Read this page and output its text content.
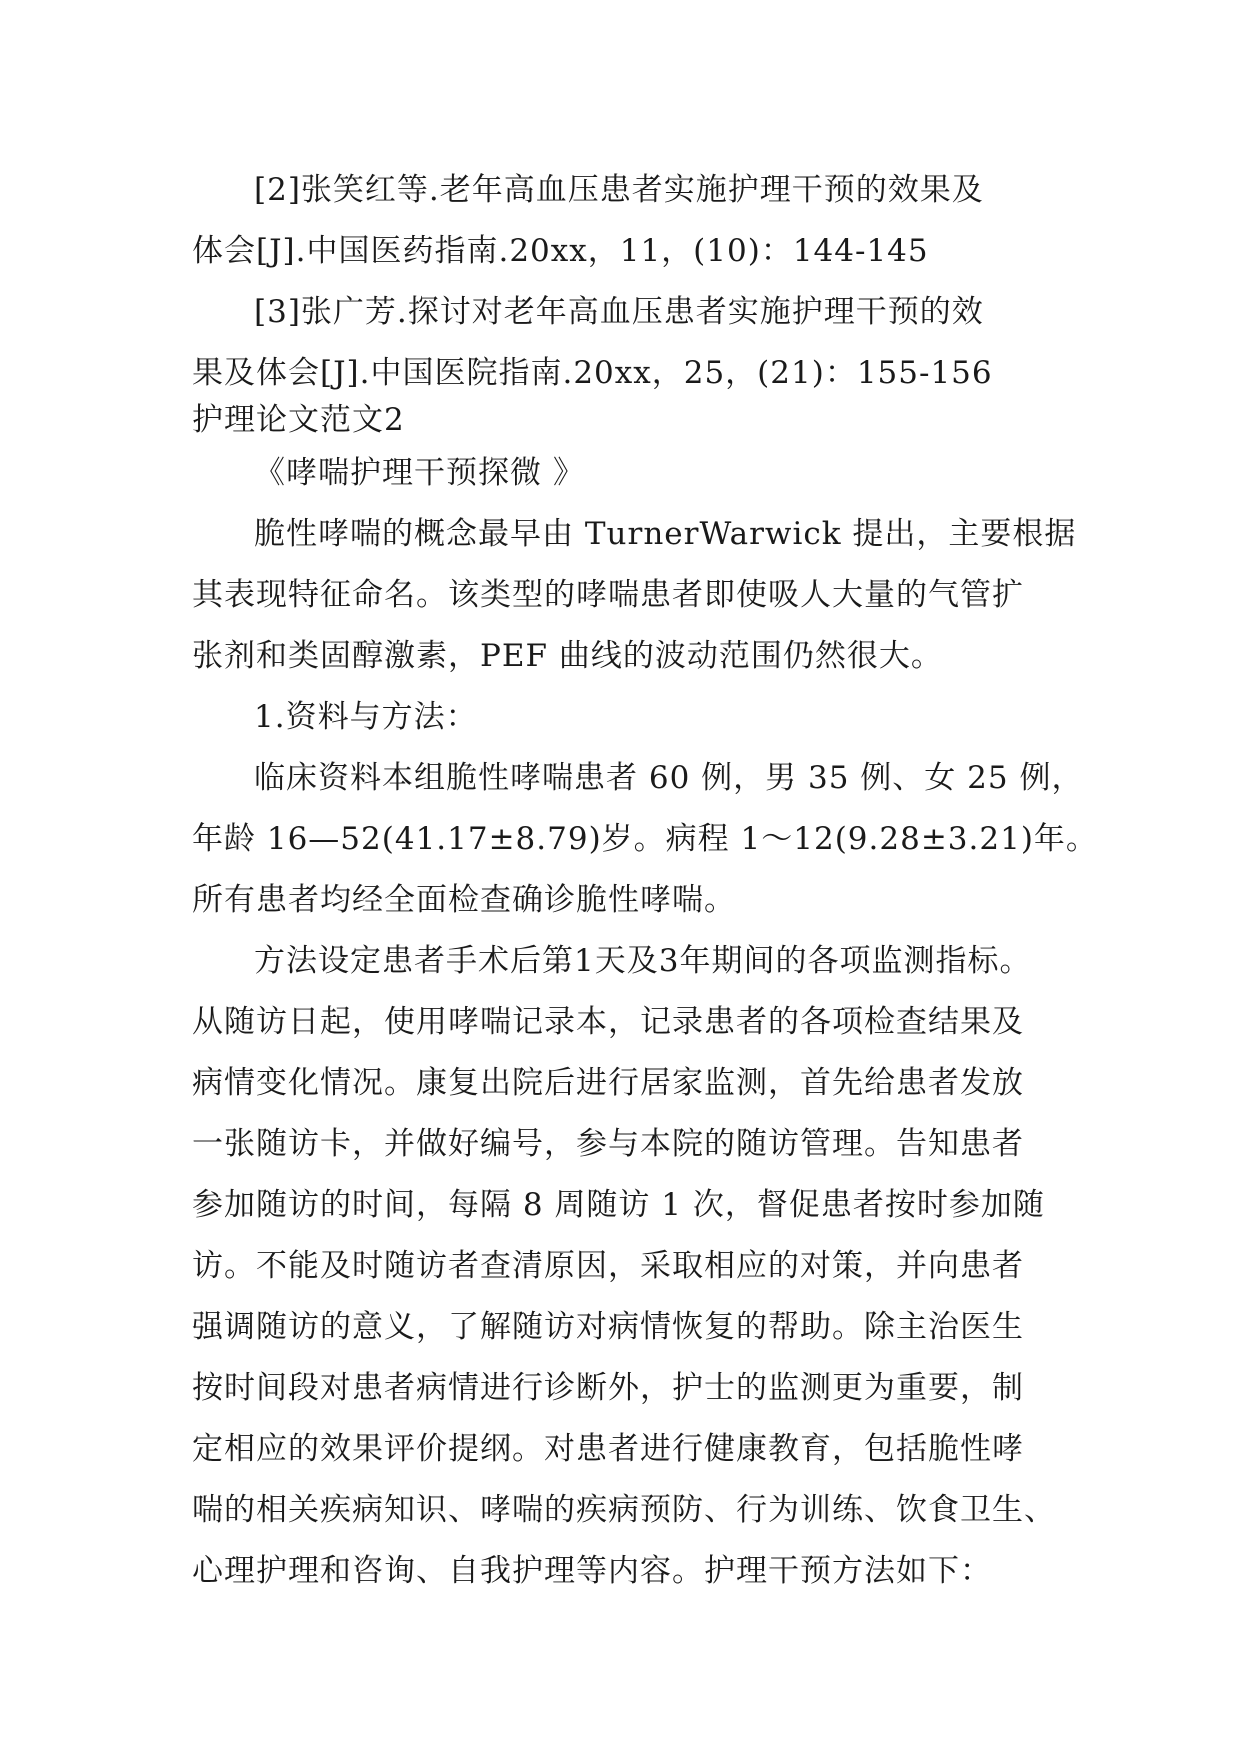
[2]张笑红等.老年高血压患者实施护理干预的效果及
体会[J].中国医药指南.20xx，11，(10)：144-145
[3]张广芳.探讨对老年高血压患者实施护理干预的效
果及体会[J].中国医院指南.20xx，25，(21)：155-156
护理论文范文2
《哮喘护理干预探微 》
脆性哮喘的概念最早由 TurnerWarwick 提出，主要根据
其表现特征命名。该类型的哮喘患者即使吸人大量的气管扩
张剂和类固醇激素，PEF 曲线的波动范围仍然很大。
1.资料与方法：
临床资料本组脆性哮喘患者 60 例，男 35 例、女 25 例，
年龄 16—52(41.17±8.79)岁。病程 1～12(9.28±3.21)年。
所有患者均经全面检查确诊脆性哮喘。
方法设定患者手术后第1天及3年期间的各项监测指标。
从随访日起，使用哮喘记录本，记录患者的各项检查结果及
病情变化情况。康复出院后进行居家监测，首先给患者发放
一张随访卡，并做好编号，参与本院的随访管理。告知患者
参加随访的时间，每隔 8 周随访 1 次，督促患者按时参加随
访。不能及时随访者查清原因，采取相应的对策，并向患者
强调随访的意义，了解随访对病情恢复的帮助。除主治医生
按时间段对患者病情进行诊断外，护士的监测更为重要，制
定相应的效果评价提纲。对患者进行健康教育，包括脆性哮
喘的相关疾病知识、哮喘的疾病预防、行为训练、饮食卫生、
心理护理和咨询、自我护理等内容。护理干预方法如下：
